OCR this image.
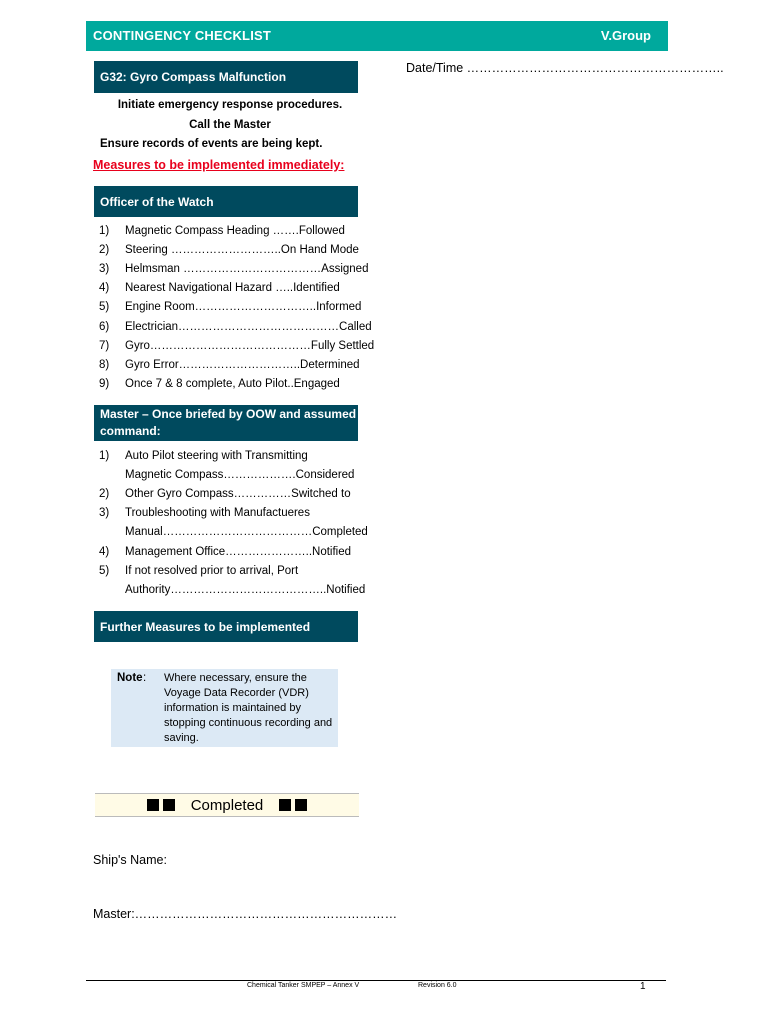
CONTINGENCY CHECKLIST	V.Group
Date/Time ……………………………………………………..
G32: Gyro Compass Malfunction
Initiate emergency response procedures.
Call the Master
Ensure records of events are being kept.
Measures to be implemented immediately:
Officer of the Watch
1)	Magnetic Compass Heading …….Followed
2)	Steering ………………………..On Hand Mode
3)	Helmsman ………………………………Assigned
4)	Nearest Navigational Hazard …..Identified
5)	Engine Room…………………………..Informed
6)	Electrician……………………………………Called
7)	Gyro……………………………………Fully Settled
8)	Gyro Error…………………………..Determined
9)	Once 7 & 8 complete, Auto Pilot..Engaged
Master – Once briefed by OOW and assumed command:
1)	Auto Pilot steering with Transmitting
Magnetic Compass……………….Considered
2)	Other Gyro Compass……………Switched to
3)	Troubleshooting with Manufactueres
Manual…………………………………Completed
4)	Management Office…………………..Notified
5)	If not resolved prior to arrival, Port
Authority…………………………………..Notified
Further Measures to be implemented
Note : Where necessary, ensure the Voyage Data Recorder (VDR) information is maintained by stopping continuous recording and saving.
Completed
Ship's Name:
Master:………………………………………………………
Chemical Tanker SMPEP – Annex V	Revision 6.0	1
